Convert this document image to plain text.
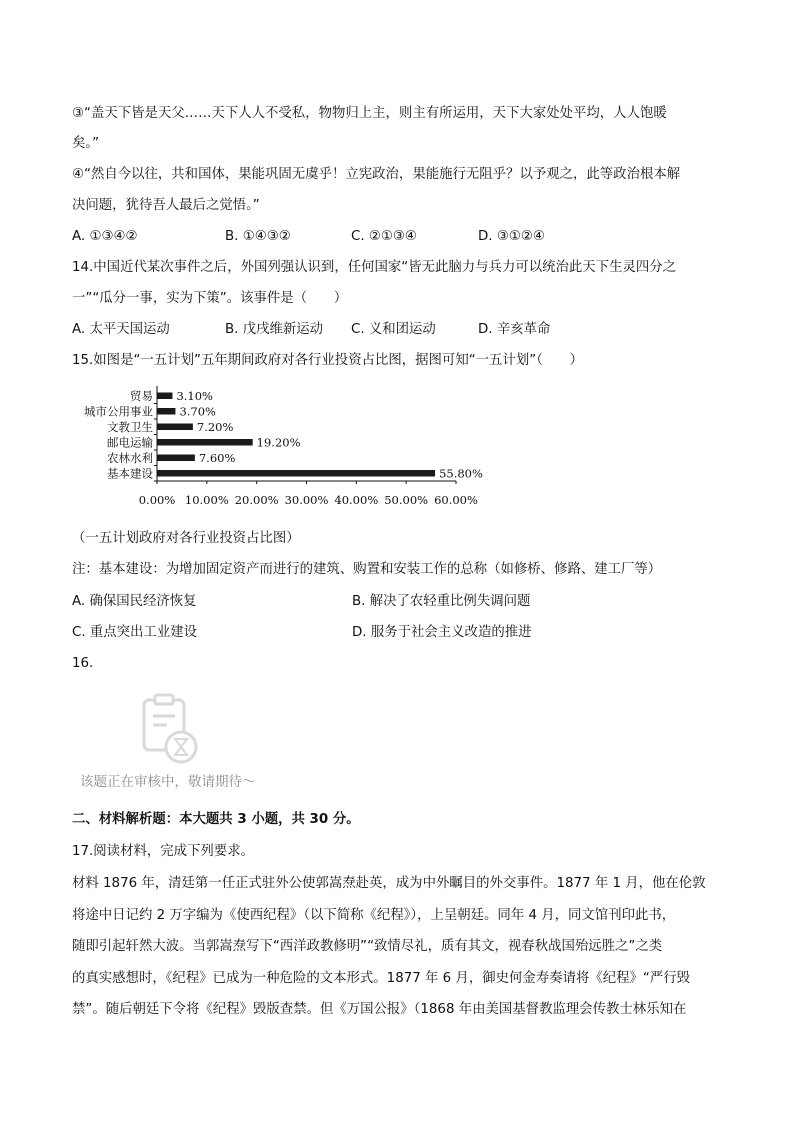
③“盖天下皆是天父……天下人人不受私，物物归上主，则主有所运用，天下大家处处平均，人人饱暖
矣。”
④“然自今以往，共和国体，果能巩固无虞乎！立宪政治，果能施行无阻乎？以予观之，此等政治根本解
决问题，犹待吾人最后之觉悟。”
A. ①③④②	B. ①④③②	C. ②①③④	D. ③①②④
14.中国近代某次事件之后，外国列强认识到，任何国家“皆无此脑力与兵力可以统治此天下生灵四分之
一”“瓜分一事，实为下策”。该事件是（　　）
A. 太平天国运动	B. 戊戌维新运动 C. 义和团运动	D. 辛亥革命
15.如图是“一五计划”五年期间政府对各行业投资占比图，据图可知“一五计划”（　　）
贸易
城市公用事业
文教卫生
邮电运输
农林水利
基本建设
3.10%
3.70%
7.20%
19.20%
7.60%
55.80%
0.00% 10.00% 20.00% 30.00% 40.00% 50.00% 60.00%
（一五计划政府对各行业投资占比图）
注：基本建设：为增加固定资产而进行的建筑、购置和安装工作的总称（如修桥、修路、建工厂等）
A. 确保国民经济恢复	B. 解决了农轻重比例失调问题
C. 重点突出工业建设	D. 服务于社会主义改造的推进
16.
该题正在审核中，敬请期待～
二、材料解析题：本大题共 3 小题，共 30 分。
17.阅读材料，完成下列要求。
材料 1876 年，清廷第一任正式驻外公使郭嵩焘赴英，成为中外瞩目的外交事件。1877 年 1 月，他在伦敦
将途中日记约 2 万字编为《使西纪程》（以下简称《纪程》），上呈朝廷。同年 4 月，同文馆刊印此书，
随即引起轩然大波。当郭嵩焘写下“西洋政教修明”“致情尽礼，质有其文，视春秋战国殆远胜之”之类
的真实感想时，《纪程》已成为一种危险的文本形式。1877 年 6 月，御史何金寿奏请将《纪程》“严行毁
禁”。随后朝廷下令将《纪程》毁版查禁。但《万国公报》（1868 年由美国基督教监理会传教士林乐知在
